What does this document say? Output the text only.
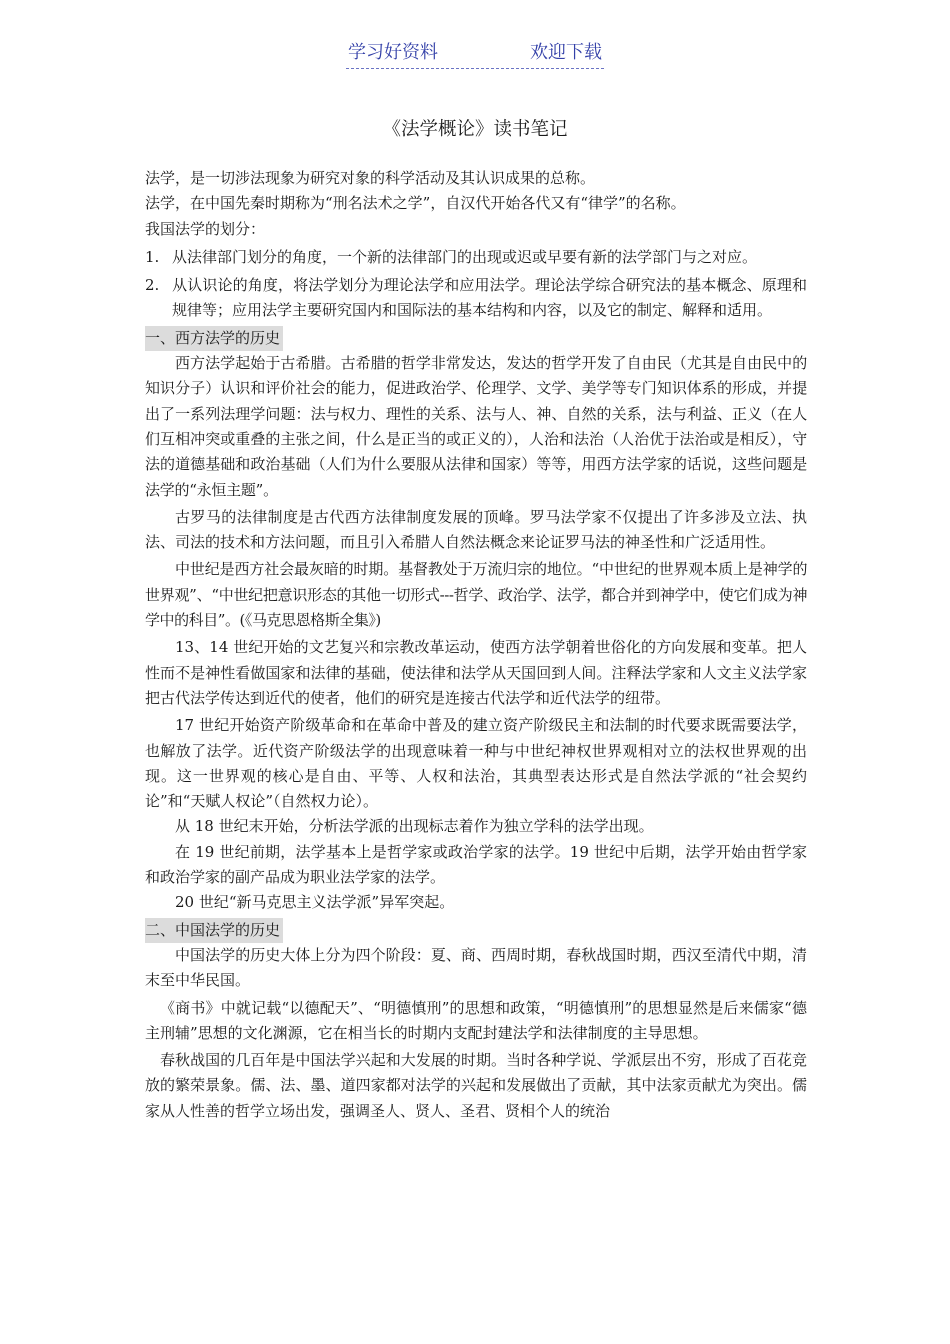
学习好资料	欢迎下载
《法学概论》读书笔记

法学，是一切涉法现象为研究对象的科学活动及其认识成果的总称。

法学，在中国先秦时期称为“刑名法术之学”，自汉代开始各代又有“律学”的名称。

我国法学的划分：

1. 从法律部门划分的角度，一个新的法律部门的出现或迟或早要有新的法学部门与之对应。

2. 从认识论的角度，将法学划分为理论法学和应用法学。理论法学综合研究法的基本概念、原理和规律等；应用法学主要研究国内和国际法的基本结构和内容，以及它的制定、解释和适用。

一、西方法学的历史

西方法学起始于古希腊。古希腊的哲学非常发达，发达的哲学开发了自由民（尤其是自由民中的知识分子）认识和评价社会的能力，促进政治学、伦理学、文学、美学等专门知识体系的形成，并提出了一系列法理学问题：法与权力、理性的关系、法与人、神、自然的关系，法与利益、正义（在人们互相冲突或重叠的主张之间，什么是正当的或正义的），人治和法治（人治优于法治或是相反），守法的道德基础和政治基础（人们为什么要服从法律和国家）等等，用西方法学家的话说，这些问题是法学的“永恒主题”。

古罗马的法律制度是古代西方法律制度发展的顶峰。罗马法学家不仅提出了许多涉及立法、执法、司法的技术和方法问题，而且引入希腊人自然法概念来论证罗马法的神圣性和广泛适用性。

中世纪是西方社会最灰暗的时期。基督教处于万流归宗的地位。“中世纪的世界观本质上是神学的世界观”、“中世纪把意识形态的其他一切形式---哲学、政治学、法学，都合并到神学中，使它们成为神学中的科目”。(《马克思恩格斯全集》)

13、14 世纪开始的文艺复兴和宗教改革运动，使西方法学朝着世俗化的方向发展和变革。把人性而不是神性看做国家和法律的基础，使法律和法学从天国回到人间。注释法学家和人文主义法学家把古代法学传达到近代的使者，他们的研究是连接古代法学和近代法学的纽带。

17 世纪开始资产阶级革命和在革命中普及的建立资产阶级民主和法制的时代要求既需要法学，也解放了法学。近代资产阶级法学的出现意味着一种与中世纪神权世界观相对立的法权世界观的出现。这一世界观的核心是自由、平等、人权和法治，其典型表达形式是自然法学派的“社会契约论”和“天赋人权论”（自然权力论）。

从 18 世纪末开始，分析法学派的出现标志着作为独立学科的法学出现。

在 19 世纪前期，法学基本上是哲学家或政治学家的法学。19 世纪中后期，法学开始由哲学家和政治学家的副产品成为职业法学家的法学。

20 世纪“新马克思主义法学派”异军突起。

二、中国法学的历史

中国法学的历史大体上分为四个阶段：夏、商、西周时期，春秋战国时期，西汉至清代中期，清末至中华民国。

《商书》中就记载“以德配天”、“明德慎刑”的思想和政策，“明德慎刑”的思想显然是后来儒家“德主刑辅”思想的文化渊源，它在相当长的时期内支配封建法学和法律制度的主导思想。

春秋战国的几百年是中国法学兴起和大发展的时期。当时各种学说、学派层出不穷，形成了百花竞放的繁荣景象。儒、法、墨、道四家都对法学的兴起和发展做出了贡献，其中法家贡献尤为突出。儒家从人性善的哲学立场出发，强调圣人、贤人、圣君、贤相个人的统治
